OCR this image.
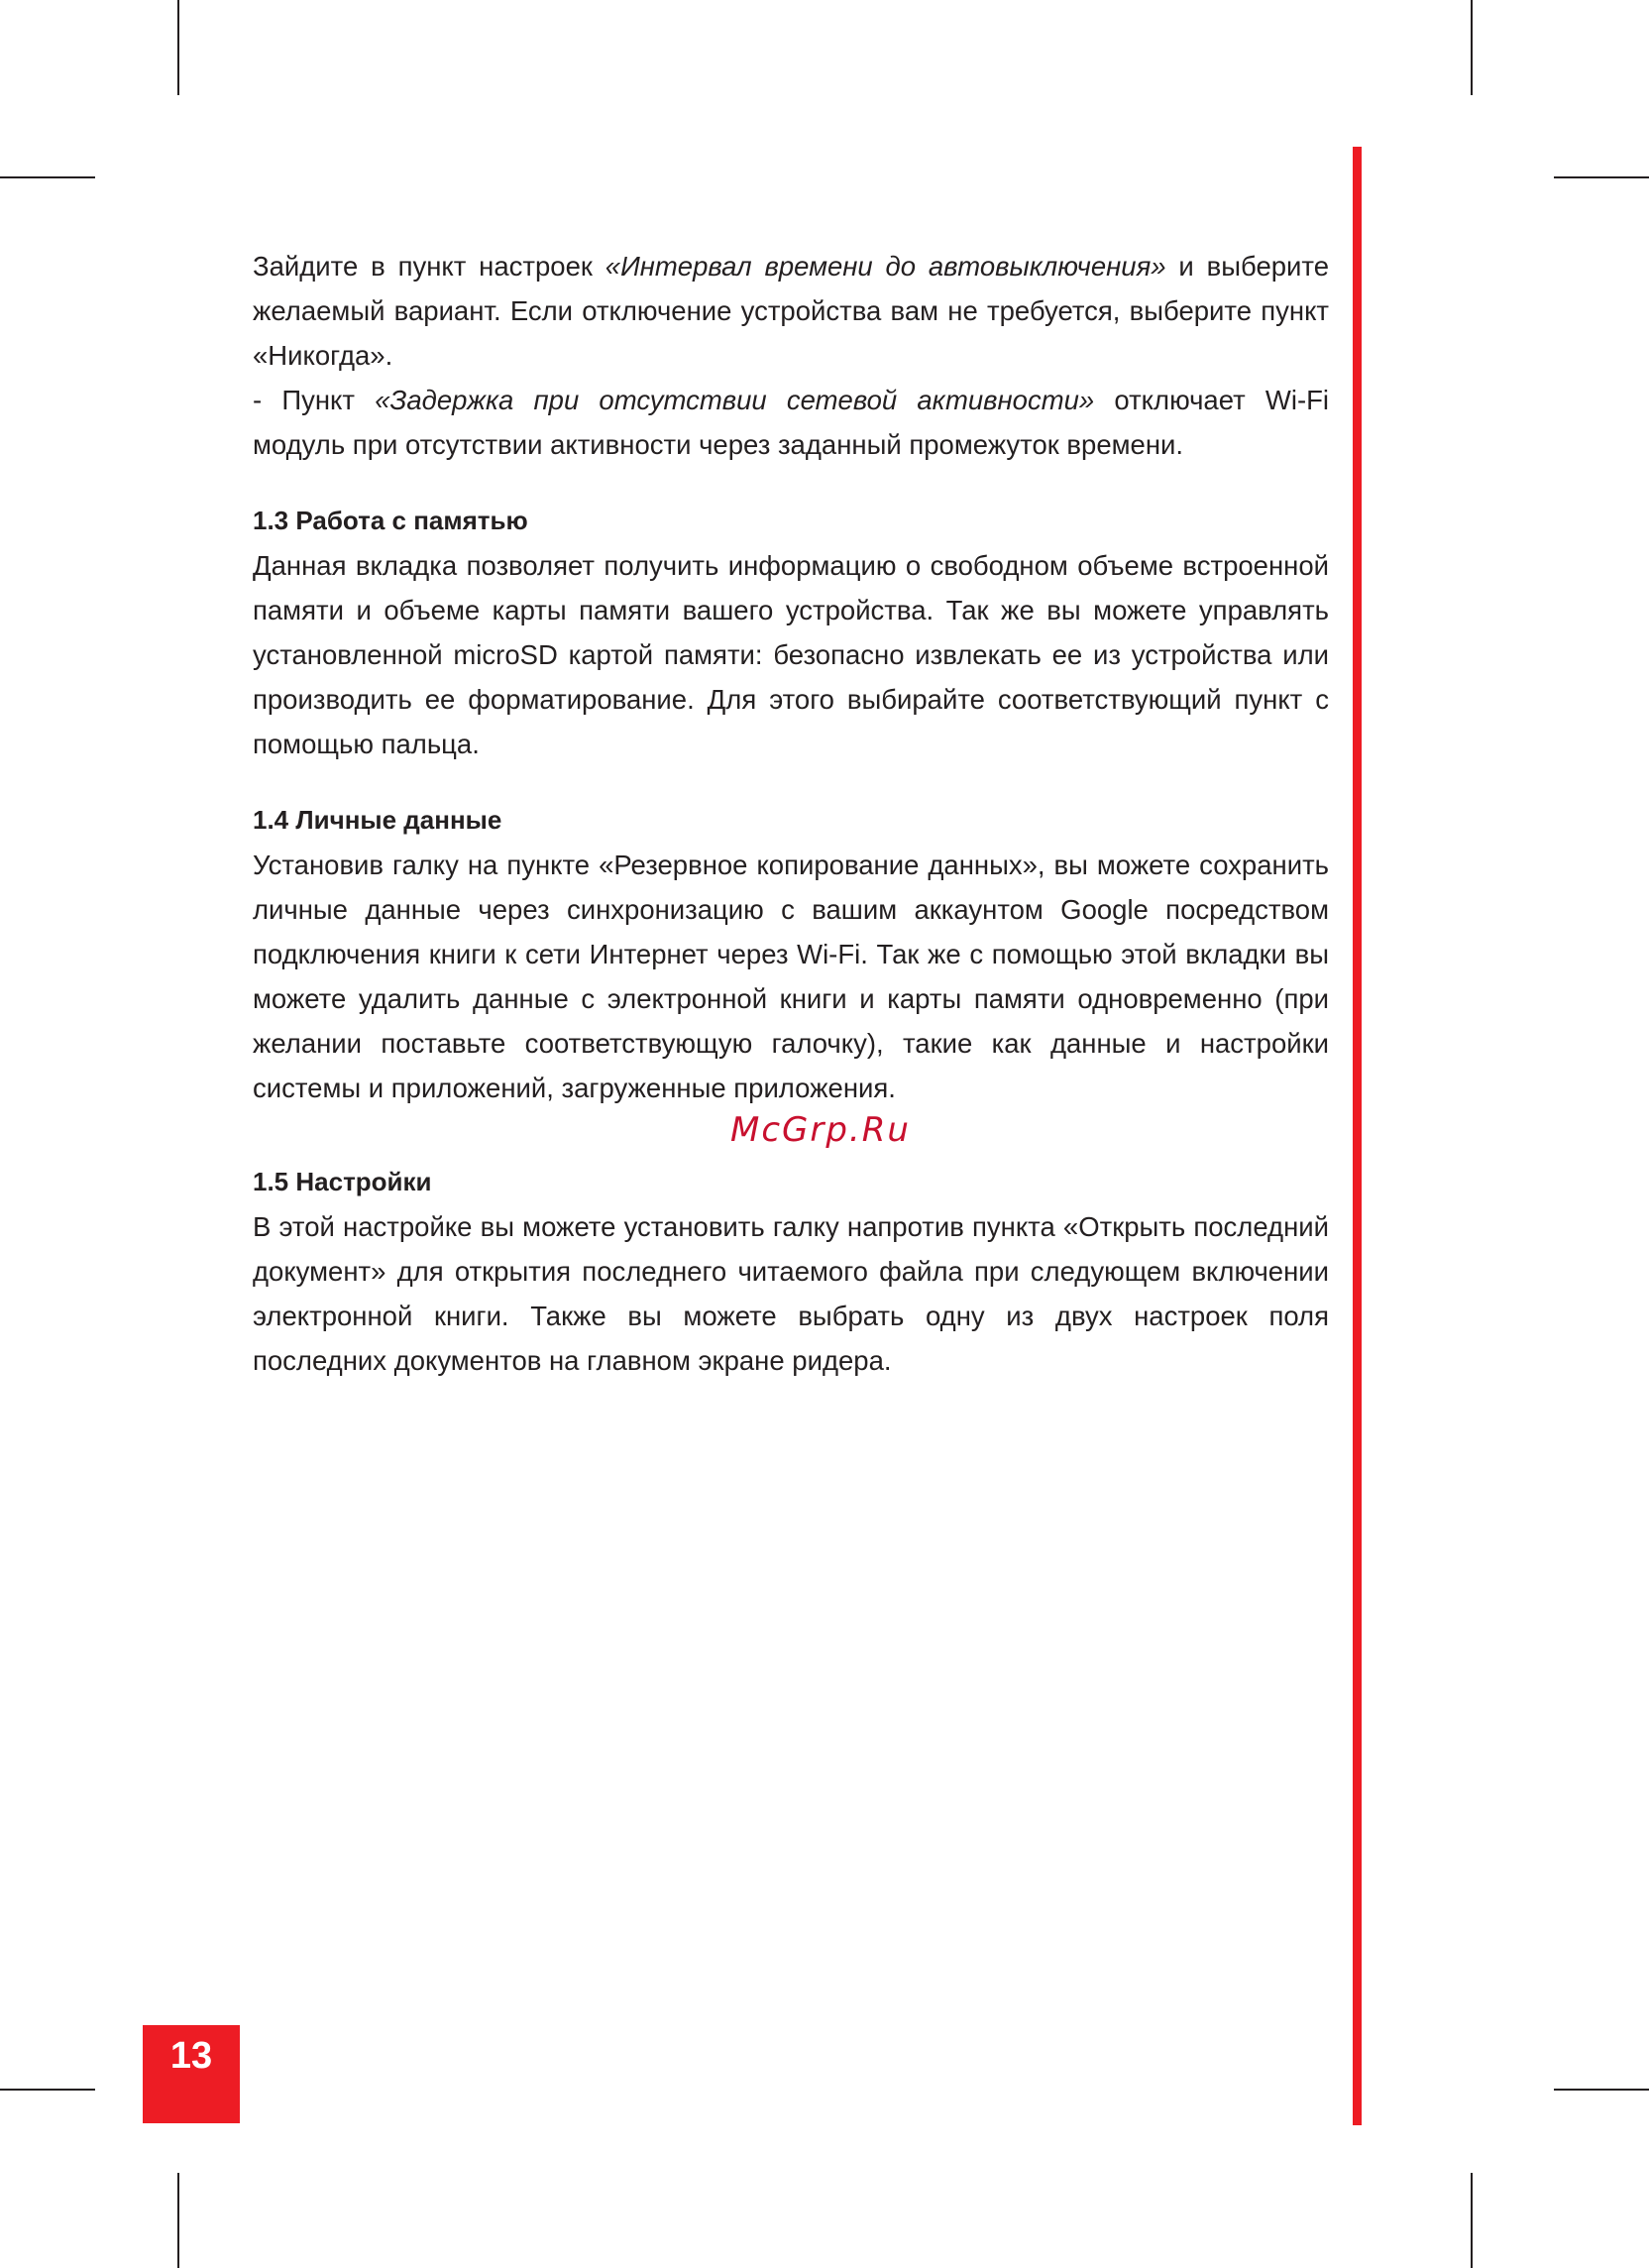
Зайдите в пункт настроек «Интервал времени до автовыключения» и выберите желаемый вариант. Если отключение устройства вам не требуется, выберите пункт «Никогда».

- Пункт «Задержка при отсутствии сетевой активности» отключает Wi-Fi модуль при отсутствии активности через заданный промежуток времени.

1.3 Работа с памятью

Данная вкладка позволяет получить информацию о свободном объеме встроенной памяти и объеме карты памяти вашего устройства. Так же вы можете управлять установленной microSD картой памяти: безопасно извлекать ее из устройства или производить ее форматирование. Для этого выбирайте соответствующий пункт с помощью пальца.

1.4 Личные данные

Установив галку на пункте «Резервное копирование данных», вы можете сохранить личные данные через синхронизацию с вашим аккаунтом Google посредством подключения книги к сети Интернет через Wi-Fi. Так же с помощью этой вкладки вы можете удалить данные с электронной книги и карты памяти одновременно (при желании поставьте соответствующую галочку), такие как данные и настройки системы и приложений, загруженные приложения.

1.5 Настройки

В этой настройке вы можете установить галку напротив пункта «Открыть последний документ» для открытия последнего читаемого файла при следующем включении электронной книги. Также вы можете выбрать одну из двух настроек поля последних документов на главном экране ридера.

McGrp.Ru
13
